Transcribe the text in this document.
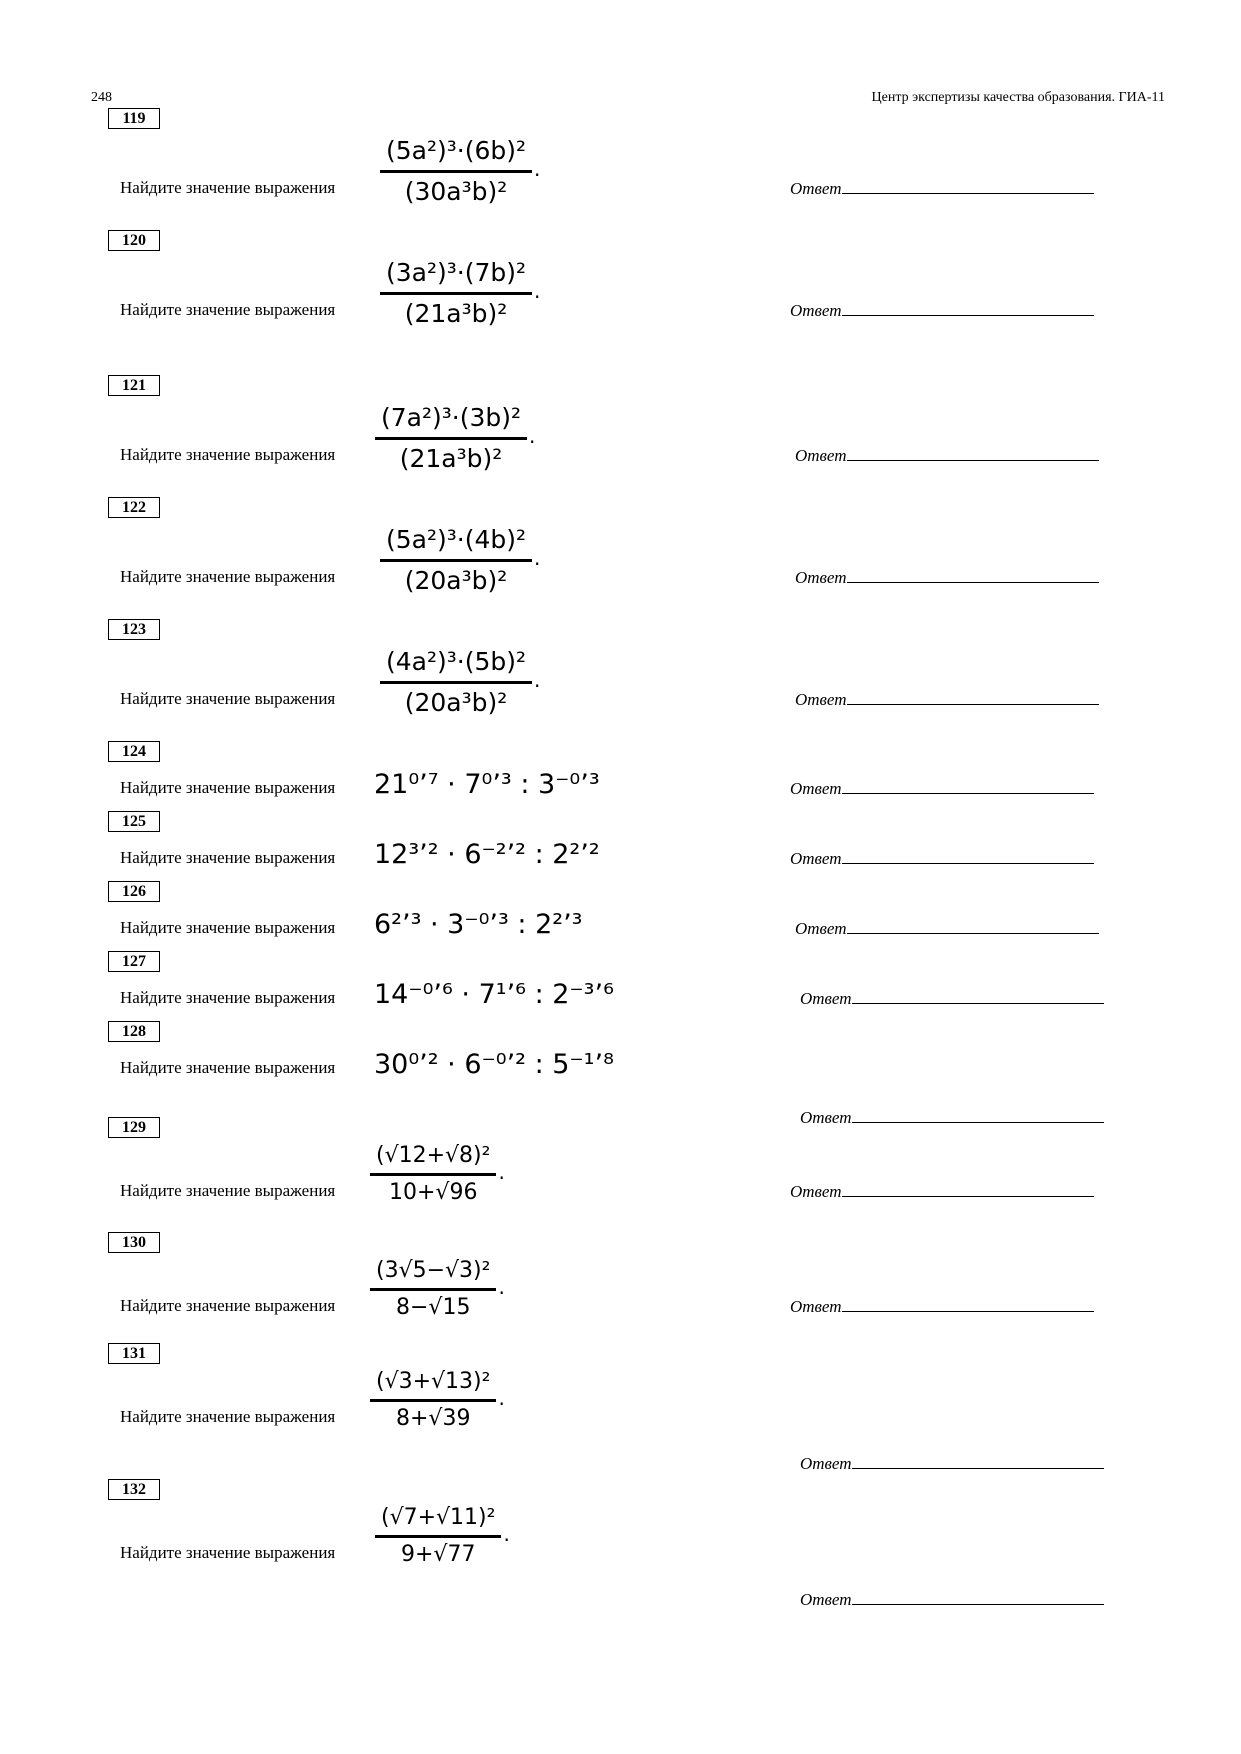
248	Центр экспертизы качества образования. ГИА-11
119
Найдите значение выражения $\frac{\text{(5a²)³·(6b)²}}{\text{(30a³b)²}}$ .
Ответ
120
Найдите значение выражения $\frac{\text{(3a²)³·(7b)²}}{\text{(21a³b)²}}$ .
Ответ
121
Найдите значение выражения $\frac{\text{(7a²)³·(3b)²}}{\text{(21a³b)²}}$ .
Ответ
122
Найдите значение выражения $\frac{\text{(5a²)³·(4b)²}}{\text{(20a³b)²}}$ .
Ответ
123
Найдите значение выражения $\frac{\text{(4a²)³·(5b)²}}{\text{(20a³b)²}}$ .
Ответ
124
Найдите значение выражения 21⁰’⁷ · 7⁰’³ : 3⁻⁰’³	Ответ
125
Найдите значение выражения 12³’² · 6⁻²’² : 2²’²	Ответ
126
Найдите значение выражения 6²’³ · 3⁻⁰’³ : 2²’³	Ответ
127
Найдите значение выражения 14⁻⁰’⁶ · 7¹’⁶ : 2⁻³’⁶	Ответ
128
Найдите значение выражения 30⁰’² · 6⁻⁰’² : 5⁻¹’⁸
Ответ
129
Найдите значение выражения $\frac{\text{(√12+√8)²}}{10+√96}$ .
Ответ
130
Найдите значение выражения $\frac{\text{(3√5−√3)²}}{8-√15}$ .
Ответ
131
Найдите значение выражения $\frac{\text{(√3+√13)²}}{8+√39}$ .
Ответ
132
Найдите значение выражения $\frac{\text{(√7+√11)²}}{9+√77}$ .
Ответ
